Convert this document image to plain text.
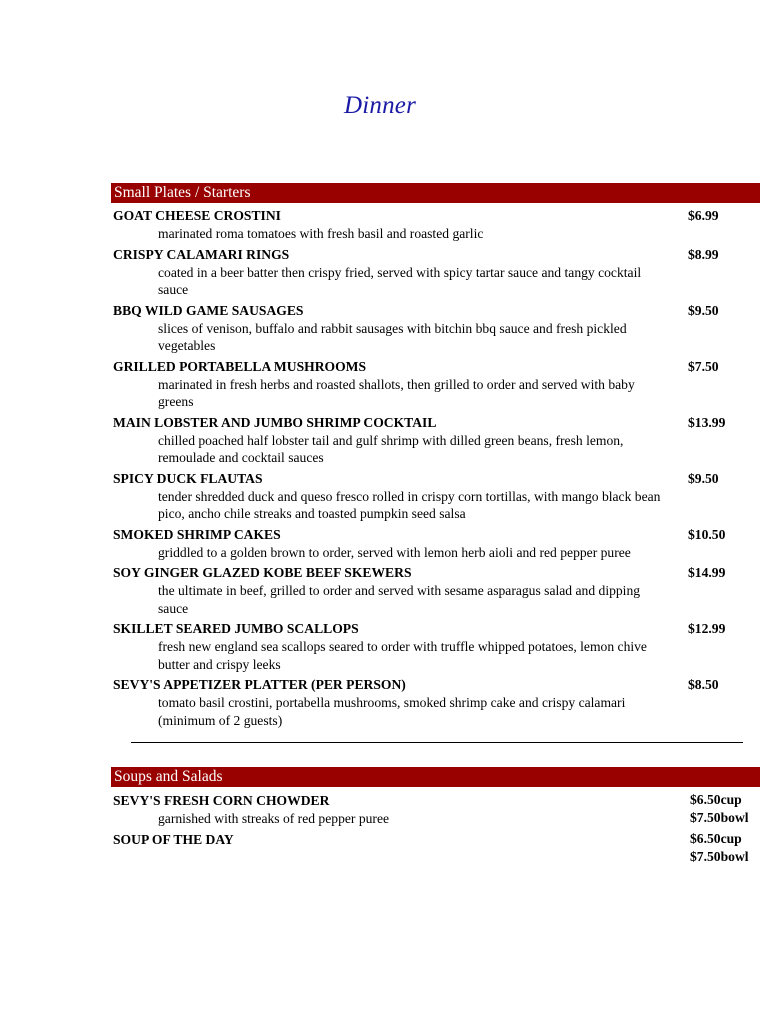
Dinner
Small Plates / Starters
GOAT CHEESE CROSTINI	$6.99
marinated roma tomatoes with fresh basil and roasted garlic
CRISPY CALAMARI RINGS	$8.99
coated in a beer batter then crispy fried, served with spicy tartar sauce and tangy cocktail sauce
BBQ WILD GAME SAUSAGES	$9.50
slices of venison, buffalo and rabbit sausages with bitchin bbq sauce and fresh pickled vegetables
GRILLED PORTABELLA MUSHROOMS	$7.50
marinated in fresh herbs and roasted shallots, then grilled to order and served with baby greens
MAIN LOBSTER AND JUMBO SHRIMP COCKTAIL	$13.99
chilled poached half lobster tail and gulf shrimp with dilled green beans, fresh lemon, remoulade and cocktail sauces
SPICY DUCK FLAUTAS	$9.50
tender shredded duck and queso fresco rolled in crispy corn tortillas, with mango black bean pico, ancho chile streaks and toasted pumpkin seed salsa
SMOKED SHRIMP CAKES	$10.50
griddled to a golden brown to order, served with lemon herb aioli and red pepper puree
SOY GINGER GLAZED KOBE BEEF SKEWERS	$14.99
the ultimate in beef, grilled to order and served with sesame asparagus salad and dipping sauce
SKILLET SEARED JUMBO SCALLOPS	$12.99
fresh new england sea scallops seared to order with truffle whipped potatoes, lemon chive butter and crispy leeks
SEVY'S APPETIZER PLATTER (PER PERSON)	$8.50
tomato basil crostini, portabella mushrooms, smoked shrimp cake and crispy calamari (minimum of 2 guests)
Soups and Salads
SEVY'S FRESH CORN CHOWDER	$6.50cup
$7.50bowl
garnished with streaks of red pepper puree
SOUP OF THE DAY	$6.50cup
$7.50bowl
